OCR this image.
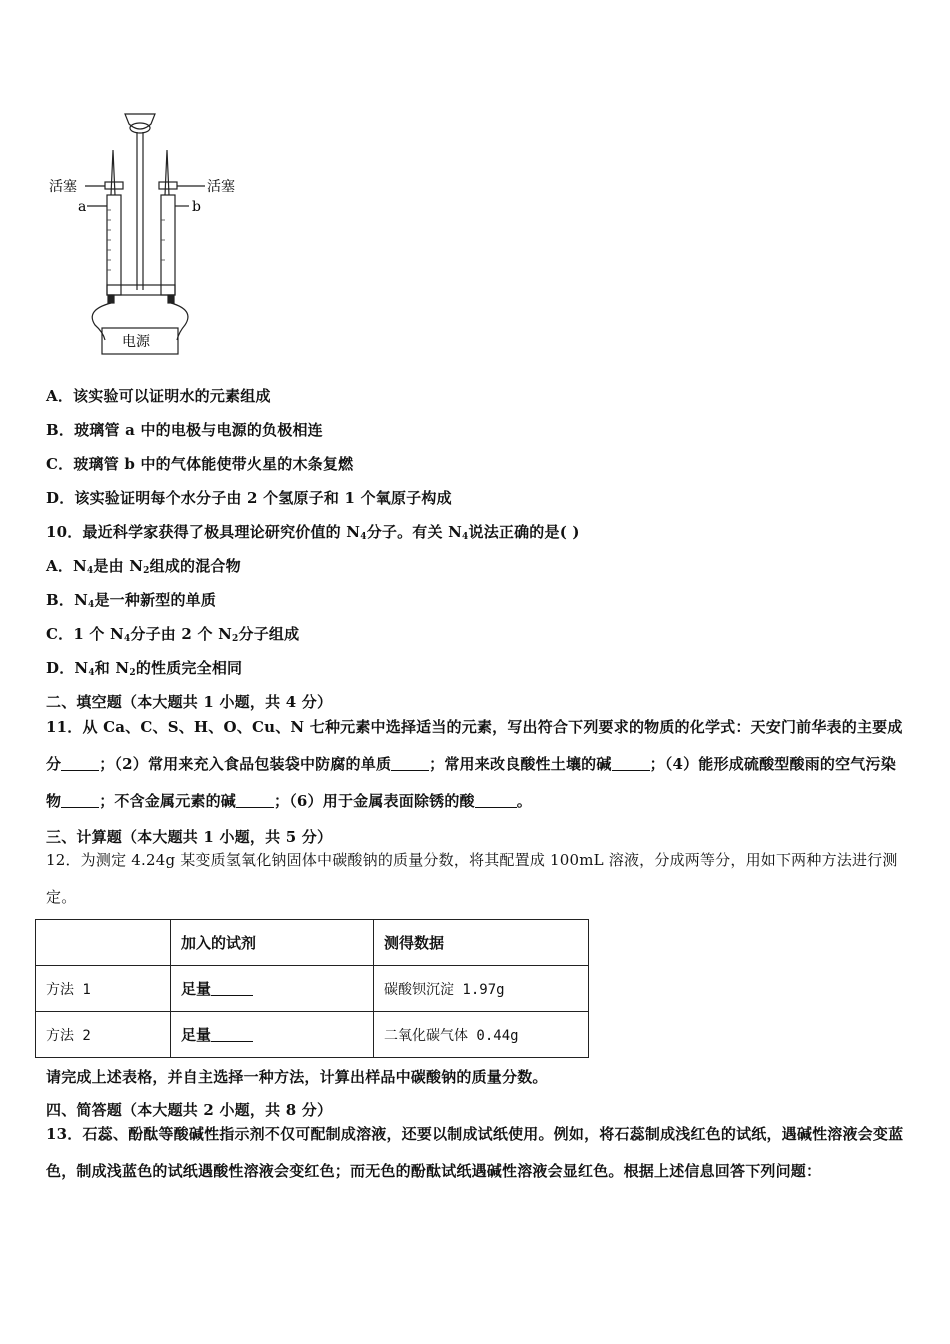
活塞	活塞
a	b
电源
A．该实验可以证明水的元素组成
B．玻璃管 a 中的电极与电源的负极相连
C．玻璃管 b 中的气体能使带火星的木条复燃
D．该实验证明每个水分子由 2 个氢原子和 1 个氧原子构成
10．最近科学家获得了极具理论研究价值的 $N_4$分子。有关 $N_4$说法正确的是( )
A．$N_4$是由 $N_2$组成的混合物
B．$N_4$是一种新型的单质
C．1 个 $N_4$分子由 2 个 $N_2$分子组成
D．$N_4$和 $N_2$的性质完全相同
二、填空题（本大题共 1 小题，共 4 分）
11．从 Ca、C、S、H、O、Cu、N 七种元素中选择适当的元素，写出符合下列要求的物质的化学式：天安门前华表的主要成分	；（2）常用来充入食品包装袋中防腐的单质	；常用来改良酸性土壤的碱	；（4）能形成硫酸型酸雨的空气污染物	；不含金属元素的碱	；（6）用于金属表面除锈的酸	。
三、计算题（本大题共 1 小题，共 5 分）
12．为测定 4.24g 某变质氢氧化钠固体中碳酸钠的质量分数，将其配置成 100mL 溶液，分成两等分，用如下两种方法进行测定。
	加入的试剂	测得数据
方法 1	足量	碳酸钡沉淀 1.97g
方法 2	足量	二氧化碳气体 0.44g
请完成上述表格，并自主选择一种方法，计算出样品中碳酸钠的质量分数。
四、简答题（本大题共 2 小题，共 8 分）
13．石蕊、酚酞等酸碱性指示剂不仅可配制成溶液，还要以制成试纸使用。例如，将石蕊制成浅红色的试纸，遇碱性溶液会变蓝色，制成浅蓝色的试纸遇酸性溶液会变红色；而无色的酚酞试纸遇碱性溶液会显红色。根据上述信息回答下列问题：
